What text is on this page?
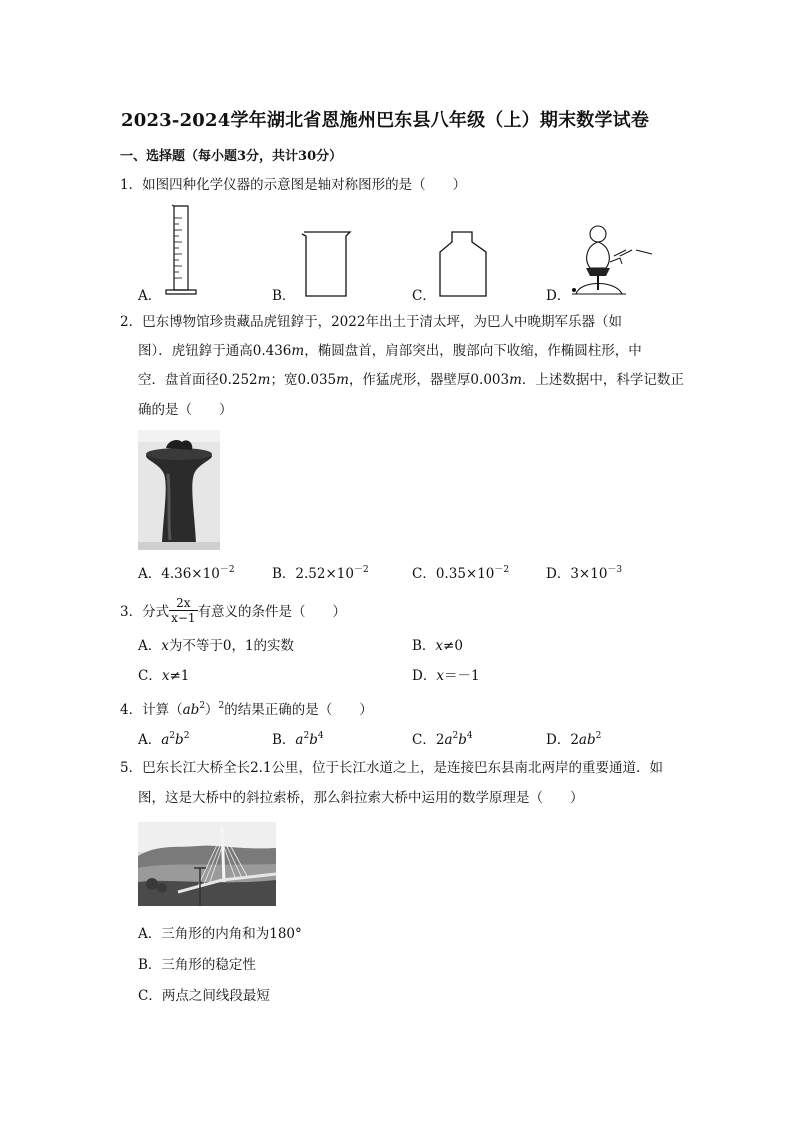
2023-2024学年湖北省恩施州巴东县八年级（上）期末数学试卷
一、选择题（每小题3分，共计30分）
1．如图四种化学仪器的示意图是轴对称图形的是（　　）
A．	B．	C．	D．
2．巴东博物馆珍贵藏品虎钮錞于，2022年出土于清太坪，为巴人中晚期军乐器（如
图）．虎钮錞于通高0.436m，椭圆盘首，肩部突出，腹部向下收缩，作椭圆柱形，中
空．盘首面径0.252m；宽0.035m，作猛虎形，器壁厚0.003m．上述数据中，科学记数正
确的是（　　）
A．$4.36\times 10^{-2}$	B．$2.52\times 10^{-2}$	C．$0.35\times 10^{-2}$	D．$3\times 10^{-3}$
3．分式 $\frac{2x}{x-1}$ 有意义的条件是（　　）
A．x为不等于0，1的实数	B．x≠0
C．x≠1	D．x＝－1
4．计算$(ab^2)^2$的结果正确的是（　　）
A．$a^2b^2$	B．$a^2b^4$	C．$2a^2b^4$	D．$2ab^2$
5．巴东长江大桥全长2.1公里，位于长江水道之上，是连接巴东县南北两岸的重要通道．如
图，这是大桥中的斜拉索桥，那么斜拉索大桥中运用的数学原理是（　　）
A．三角形的内角和为180°
B．三角形的稳定性
C．两点之间线段最短
